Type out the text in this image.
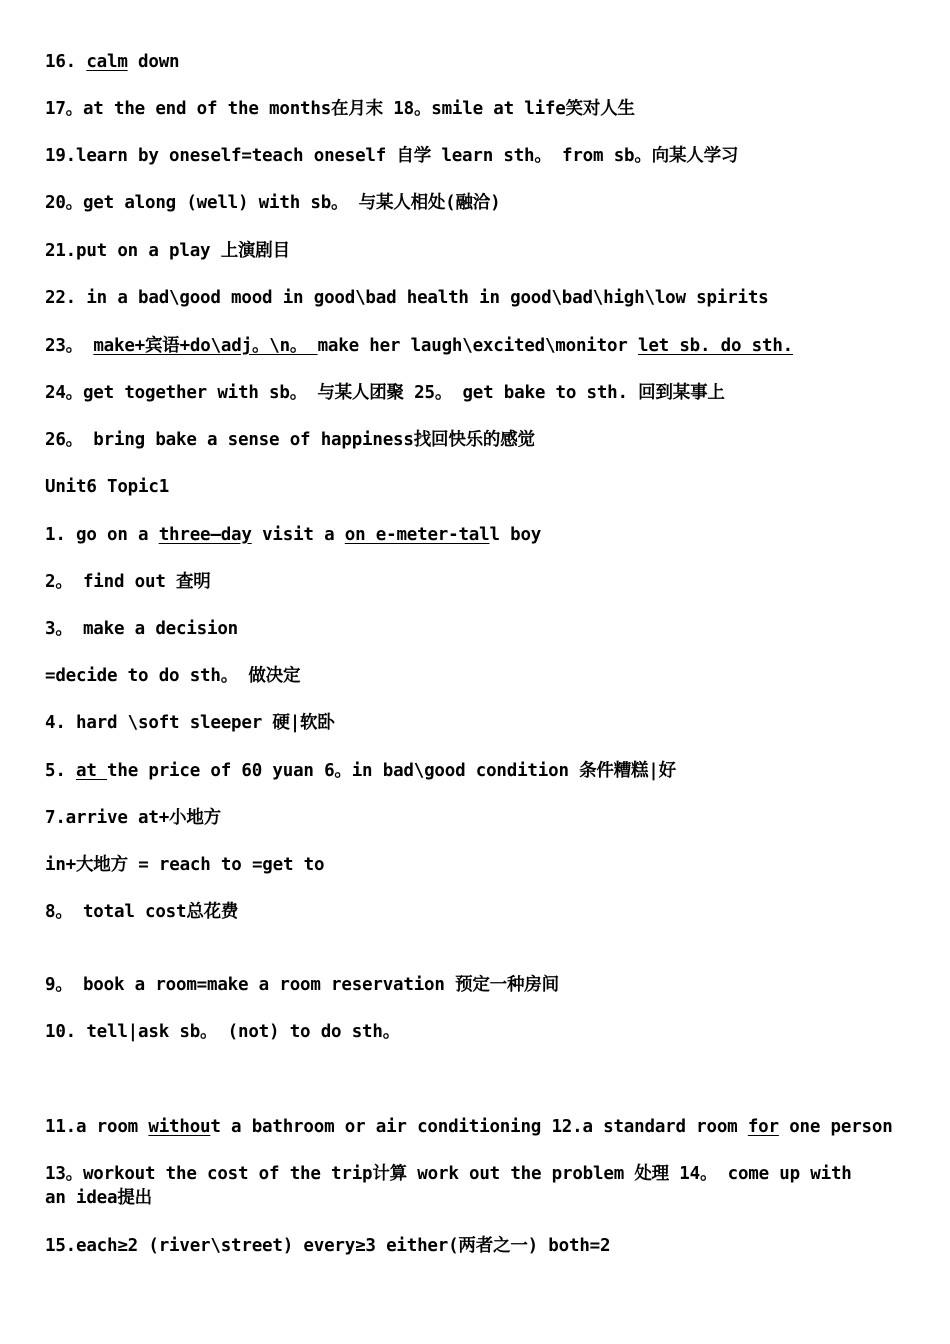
16. calm down
17。at the end of the months在月末 18。smile at life笑对人生
19.learn by oneself=teach oneself 自学 learn sth。 from sb。向某人学习
20。get along (well) with sb。 与某人相处(融洽)
21.put on a play 上演剧目
22. in a bad\good mood in good\bad health in good\bad\high\low spirits
23。 make+宾语+do\adj。\n。 make her laugh\excited\monitor let sb. do sth.
24。get together with sb。 与某人团聚 25。 get bake to sth. 回到某事上
26。 bring bake a sense of happiness找回快乐的感觉
Unit6 Topic1
1. go on a three—day visit a on e-meter-tall boy
2。 find out 查明
3。 make a decision
=decide to do sth。 做决定
4. hard \soft sleeper 硬|软卧
5. at the price of 60 yuan 6。in bad\good condition 条件糟糕|好
7.arrive at+小地方
in+大地方 = reach to =get to
8。 total cost总花费
9。 book a room=make a room reservation 预定一种房间
10. tell|ask sb。 (not) to do sth。
11.a room without a bathroom or air conditioning 12.a standard room for one person
13。workout the cost of the trip计算 work out the problem 处理 14。 come up with
an idea提出
15.each≥2 (river\street) every≥3 either(两者之一) both=2
